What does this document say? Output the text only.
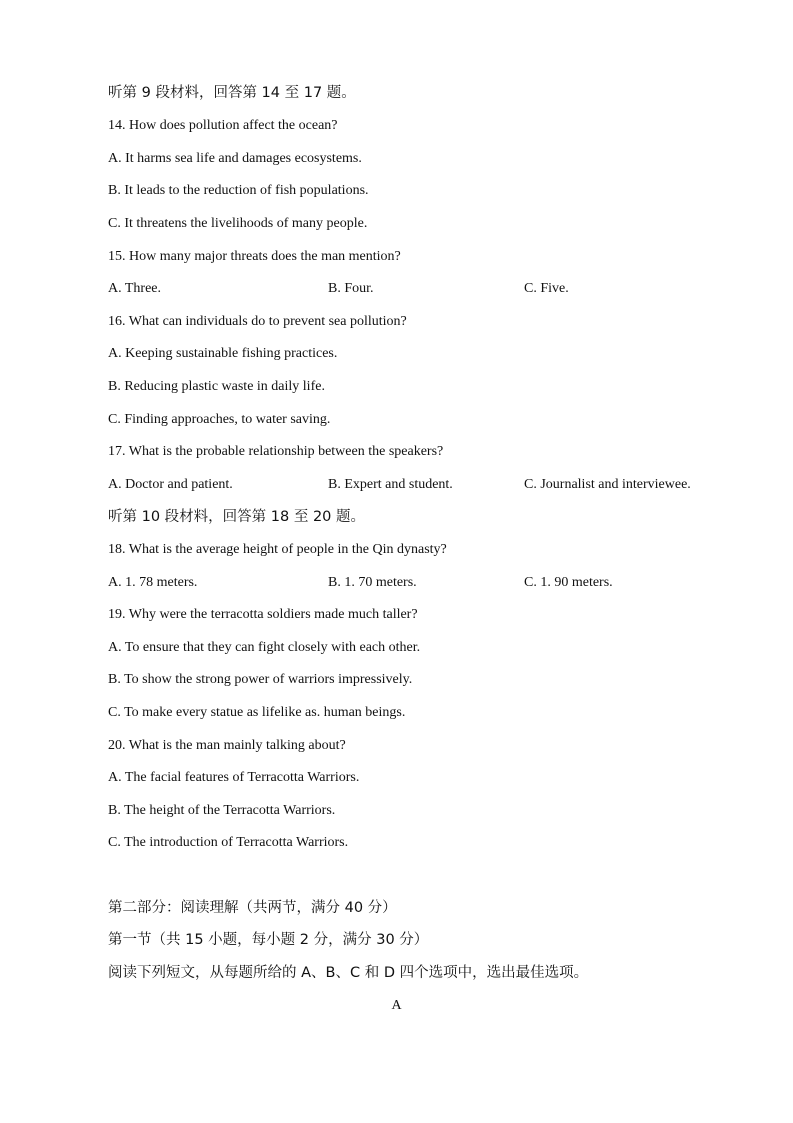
听第 9 段材料，回答第 14 至 17 题。
14. How does pollution affect the ocean?
A. It harms sea life and damages ecosystems.
B. It leads to the reduction of fish populations.
C. It threatens the livelihoods of many people.
15. How many major threats does the man mention?
A. Three.	B. Four.	C. Five.
16. What can individuals do to prevent sea pollution?
A. Keeping sustainable fishing practices.
B. Reducing plastic waste in daily life.
C. Finding approaches, to water saving.
17. What is the probable relationship between the speakers?
A. Doctor and patient.	B. Expert and student.	C. Journalist and interviewee.
听第 10 段材料，回答第 18 至 20 题。
18. What is the average height of people in the Qin dynasty?
A. 1. 78 meters.	B. 1. 70 meters.	C. 1. 90 meters.
19. Why were the terracotta soldiers made much taller?
A. To ensure that they can fight closely with each other.
B. To show the strong power of warriors impressively.
C. To make every statue as lifelike as. human beings.
20. What is the man mainly talking about?
A. The facial features of Terracotta Warriors.
B. The height of the Terracotta Warriors.
C. The introduction of Terracotta Warriors.
第二部分：阅读理解（共两节，满分 40 分）
第一节（共 15 小题，每小题 2 分，满分 30 分）
阅读下列短文，从每题所给的 A、B、C 和 D 四个选项中，选出最佳选项。
A
